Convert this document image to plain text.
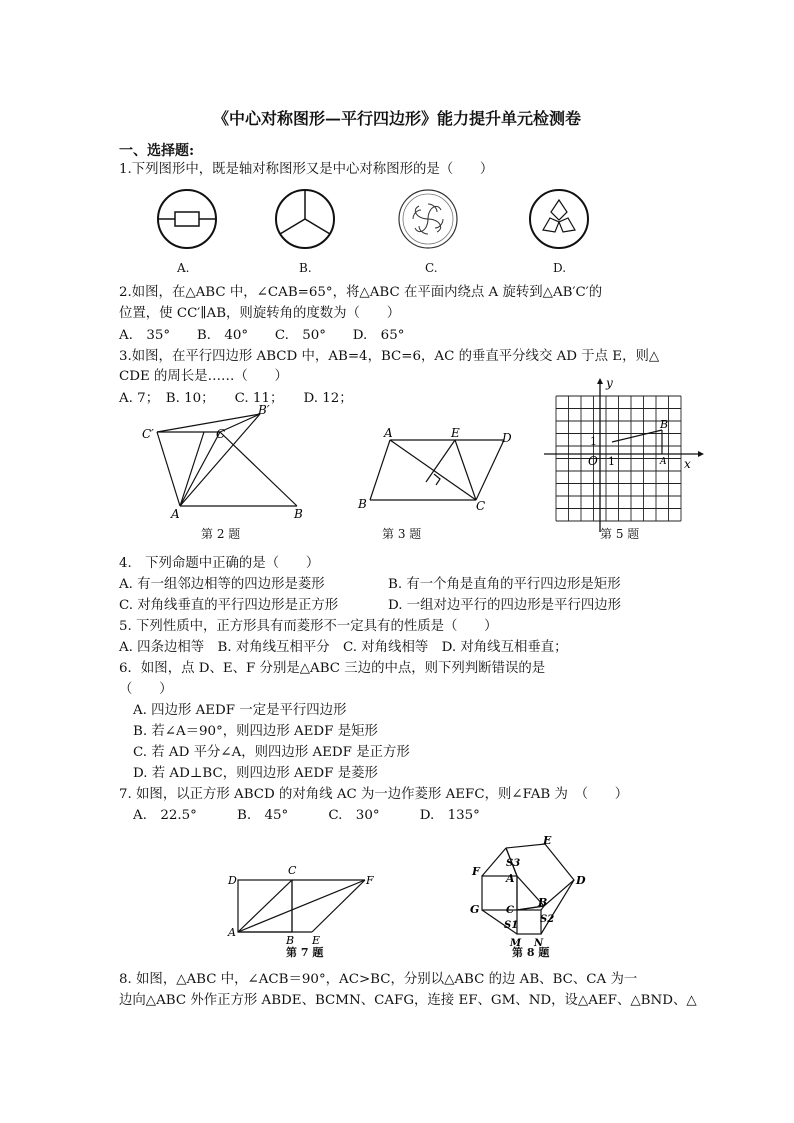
《中心对称图形—平行四边形》能力提升单元检测卷
一、选择题:
1.下列图形中，既是轴对称图形又是中心对称图形的是（　　）
A.	B.	C.	D.
2.如图，在△ABC 中，∠CAB=65°，将△ABC 在平面内绕点 A 旋转到△AB′C′的
位置，使 CC′∥AB，则旋转角的度数为（　　）
A.　35°　　B.　40°　　C.　50°　　D.　65°
3.如图，在平行四边形 ABCD 中，AB=4，BC=6，AC 的垂直平分线交 AD 于点 E，则△
CDE 的周长是……（　　）
A. 7；　B. 10；　　C. 11；　　D. 12；
C′	C
B′
A	B
第 2 题
A	E	D
B	C
第 3 题
y
x
O 1
1
B
A
第 5 题
4.　下列命题中正确的是（　　）
A. 有一组邻边相等的四边形是菱形	B. 有一个角是直角的平行四边形是矩形
C. 对角线垂直的平行四边形是正方形	D. 一组对边平行的四边形是平行四边形
5. 下列性质中，正方形具有而菱形不一定具有的性质是（　　）
A. 四条边相等　B. 对角线互相平分　C. 对角线相等　D. 对角线互相垂直；
6．如图，点 D、E、F 分别是△ABC 三边的中点，则下列判断错误的是
（　　）
A. 四边形 AEDF 一定是平行四边形
B. 若∠A＝90°，则四边形 AEDF 是矩形
C. 若 AD 平分∠A，则四边形 AEDF 是正方形
D. 若 AD⊥BC，则四边形 AEDF 是菱形
7. 如图，以正方形 ABCD 的对角线 AC 为一边作菱形 AEFC，则∠FAB 为　（　　）
A.　22.5°　　　B.　45°　　　C.　30°　　　D.　135°
D
C
F
A
B E
第 7 题
E
S3
F
A	D
C
B
G
S1
S2
M N
第 8 题
8. 如图，△ABC 中，∠ACB＝90°，AC>BC，分别以△ABC 的边 AB、BC、CA 为一
边向△ABC 外作正方形 ABDE、BCMN、CAFG，连接 EF、GM、ND，设△AEF、△BND、△
